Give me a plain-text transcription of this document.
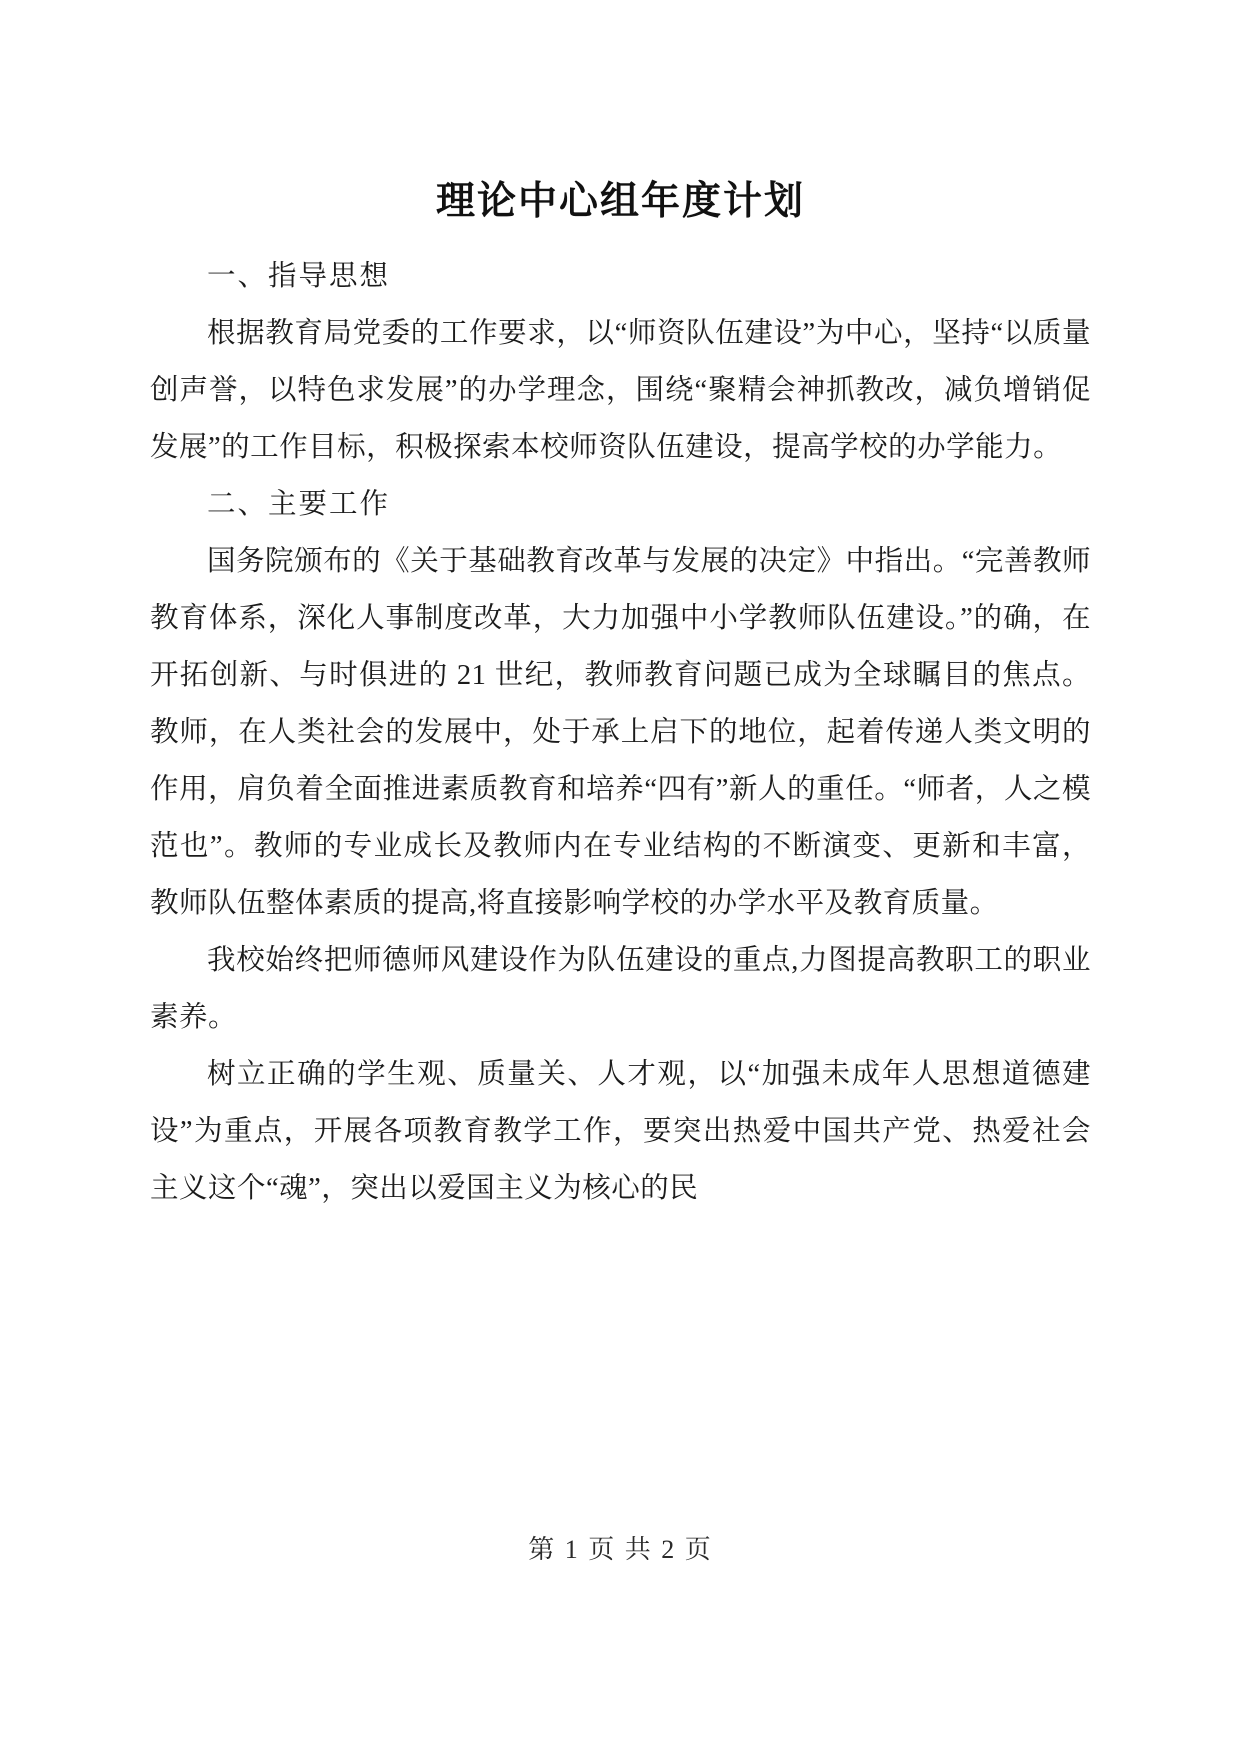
理论中心组年度计划

一、指导思想

根据教育局党委的工作要求，以“师资队伍建设”为中心，坚持“以质量创声誉，以特色求发展”的办学理念，围绕“聚精会神抓教改，减负增销促发展”的工作目标，积极探索本校师资队伍建设，提高学校的办学能力。

二、主要工作

国务院颁布的《关于基础教育改革与发展的决定》中指出。“完善教师教育体系，深化人事制度改革，大力加强中小学教师队伍建设。”的确，在开拓创新、与时俱进的 21 世纪，教师教育问题已成为全球瞩目的焦点。教师，在人类社会的发展中，处于承上启下的地位，起着传递人类文明的作用，肩负着全面推进素质教育和培养“四有”新人的重任。“师者，人之模范也”。教师的专业成长及教师内在专业结构的不断演变、更新和丰富，教师队伍整体素质的提高,将直接影响学校的办学水平及教育质量。

我校始终把师德师风建设作为队伍建设的重点,力图提高教职工的职业素养。

树立正确的学生观、质量关、人才观，以“加强未成年人思想道德建设”为重点，开展各项教育教学工作，要突出热爱中国共产党、热爱社会主义这个“魂”，突出以爱国主义为核心的民

第 1 页 共 2 页
